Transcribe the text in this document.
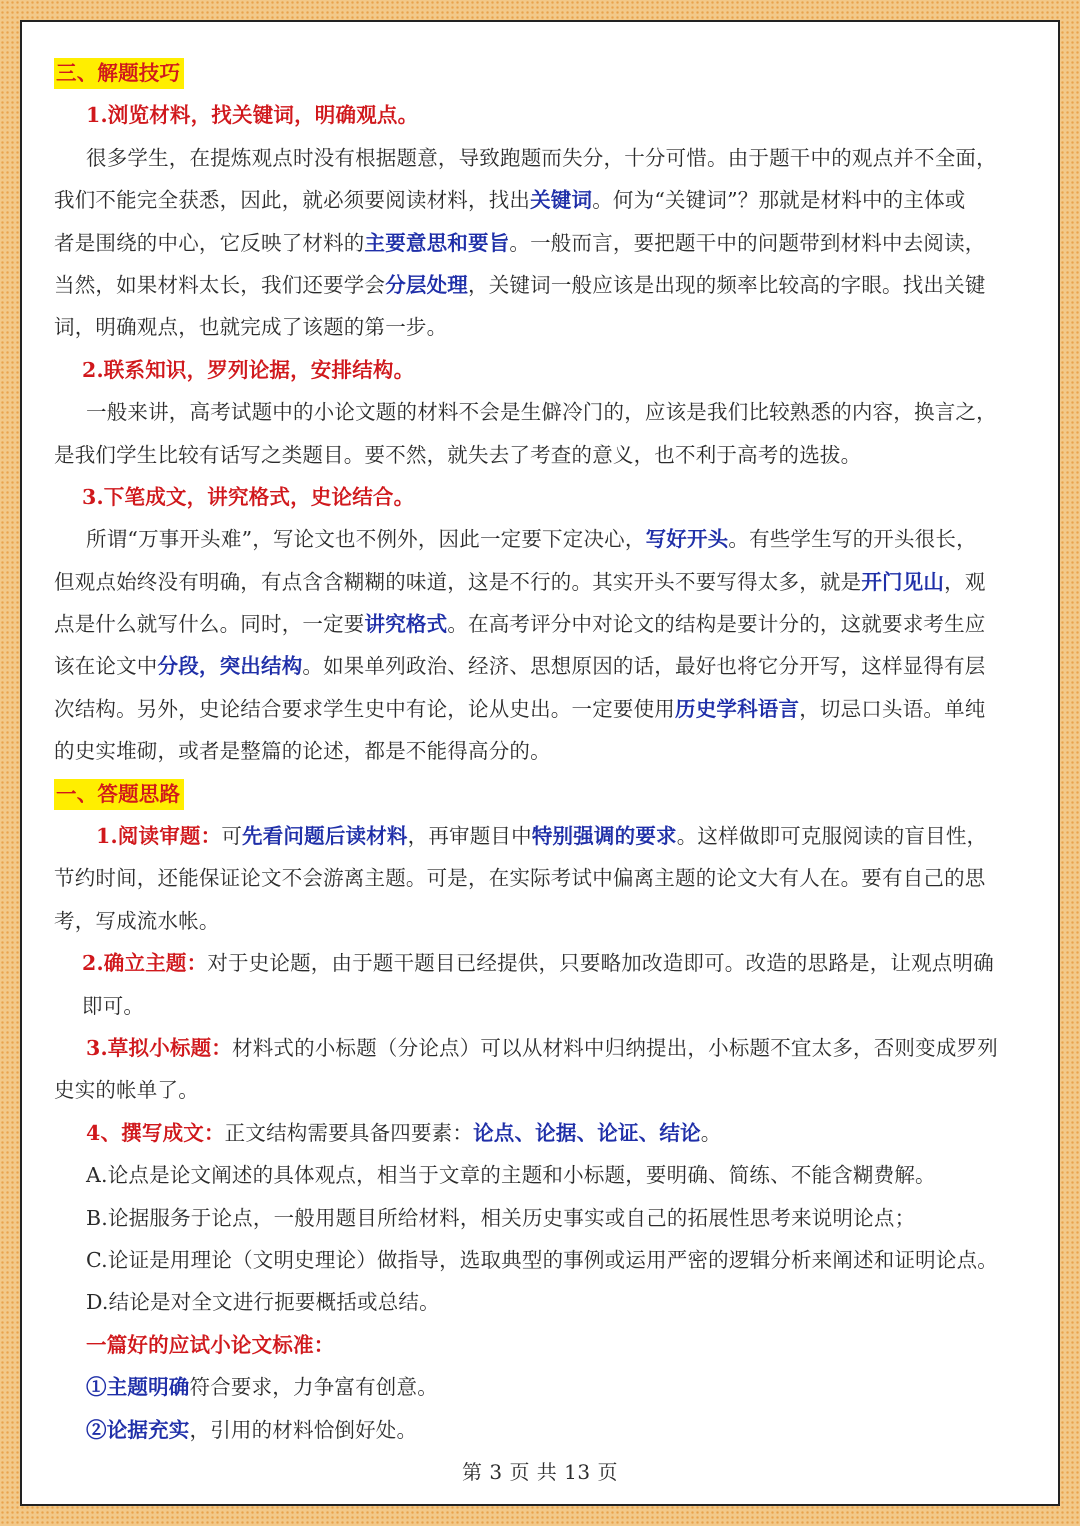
三、解题技巧
1.浏览材料，找关键词，明确观点。
很多学生，在提炼观点时没有根据题意，导致跑题而失分，十分可惜。由于题干中的观点并不全面，
我们不能完全获悉，因此，就必须要阅读材料，找出关键词。何为“关键词”？那就是材料中的主体或
者是围绕的中心，它反映了材料的主要意思和要旨。一般而言，要把题干中的问题带到材料中去阅读，
当然，如果材料太长，我们还要学会分层处理，关键词一般应该是出现的频率比较高的字眼。找出关键
词，明确观点，也就完成了该题的第一步。
2.联系知识，罗列论据，安排结构。
一般来讲，高考试题中的小论文题的材料不会是生僻冷门的，应该是我们比较熟悉的内容，换言之，
是我们学生比较有话写之类题目。要不然，就失去了考查的意义，也不利于高考的选拔。
3.下笔成文，讲究格式，史论结合。
所谓“万事开头难”，写论文也不例外，因此一定要下定决心，写好开头。有些学生写的开头很长，
但观点始终没有明确，有点含含糊糊的味道，这是不行的。其实开头不要写得太多，就是开门见山，观
点是什么就写什么。同时，一定要讲究格式。在高考评分中对论文的结构是要计分的，这就要求考生应
该在论文中分段，突出结构。如果单列政治、经济、思想原因的话，最好也将它分开写，这样显得有层
次结构。另外，史论结合要求学生史中有论，论从史出。一定要使用历史学科语言，切忌口头语。单纯
的史实堆砌，或者是整篇的论述，都是不能得高分的。
一、答题思路
1.阅读审题：可先看问题后读材料，再审题目中特别强调的要求。这样做即可克服阅读的盲目性，
节约时间，还能保证论文不会游离主题。可是，在实际考试中偏离主题的论文大有人在。要有自己的思
考，写成流水帐。
2.确立主题：对于史论题，由于题干题目已经提供，只要略加改造即可。改造的思路是，让观点明确
即可。
3.草拟小标题：材料式的小标题（分论点）可以从材料中归纳提出，小标题不宜太多，否则变成罗列
史实的帐单了。
4、撰写成文：正文结构需要具备四要素：论点、论据、论证、结论。
A.论点是论文阐述的具体观点，相当于文章的主题和小标题，要明确、简练、不能含糊费解。
B.论据服务于论点，一般用题目所给材料，相关历史事实或自己的拓展性思考来说明论点；
C.论证是用理论（文明史理论）做指导，选取典型的事例或运用严密的逻辑分析来阐述和证明论点。
D.结论是对全文进行扼要概括或总结。
一篇好的应试小论文标准：
①主题明确符合要求，力争富有创意。
②论据充实，引用的材料恰倒好处。
第 3 页 共 13 页
